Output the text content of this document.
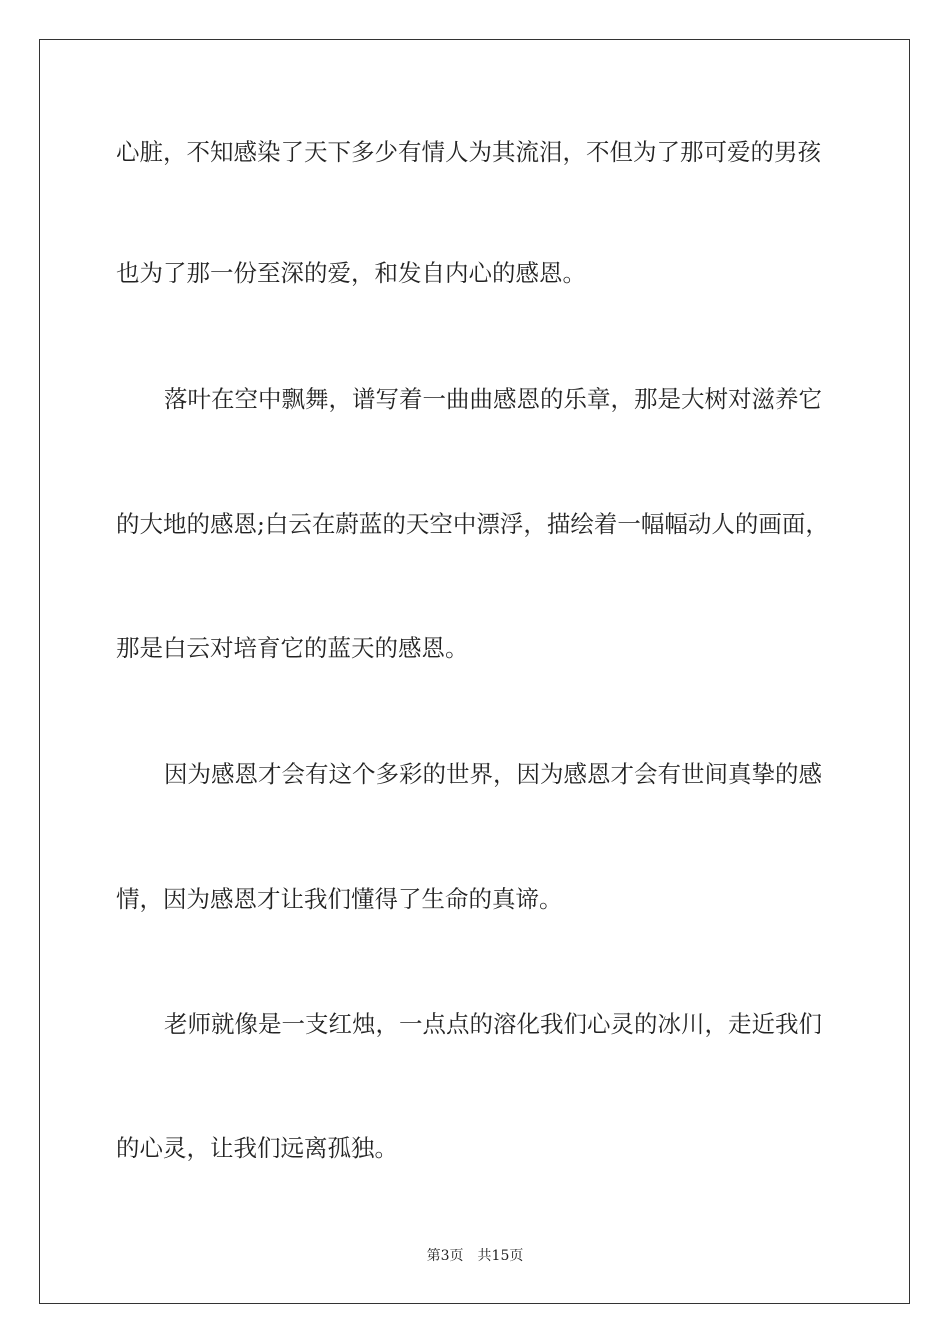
心脏，不知感染了天下多少有情人为其流泪，不但为了那可爱的男孩
也为了那一份至深的爱，和发自内心的感恩。
落叶在空中飘舞，谱写着一曲曲感恩的乐章，那是大树对滋养它
的大地的感恩;白云在蔚蓝的天空中漂浮，描绘着一幅幅动人的画面，
那是白云对培育它的蓝天的感恩。
因为感恩才会有这个多彩的世界，因为感恩才会有世间真挚的感
情，因为感恩才让我们懂得了生命的真谛。
老师就像是一支红烛，一点点的溶化我们心灵的冰川，走近我们
的心灵，让我们远离孤独。
第3页 共15页
